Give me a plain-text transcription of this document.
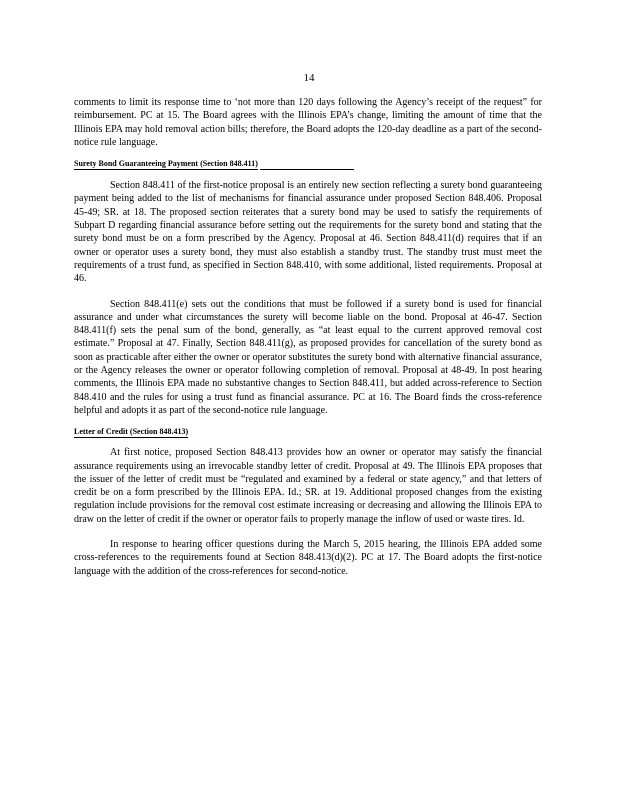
14

comments to limit its response time to ‘not more than 120 days following the Agency’s receipt of the request” for reimbursement. PC at 15. The Board agrees with the Illinois EPA’s change, limiting the amount of time that the Illinois EPA may hold removal action bills; therefore, the Board adopts the 120-day deadline as a part of the second-notice rule language.

Surety Bond Guaranteeing Payment (Section 848.411)

Section 848.411 of the first-notice proposal is an entirely new section reflecting a surety bond guaranteeing payment being added to the list of mechanisms for financial assurance under proposed Section 848.406. Proposal 45-49; SR. at 18. The proposed section reiterates that a surety bond may be used to satisfy the requirements of Subpart D regarding financial assurance before setting out the requirements for the surety bond and stating that the surety bond must be on a form prescribed by the Agency. Proposal at 46. Section 848.411(d) requires that if an owner or operator uses a surety bond, they must also establish a standby trust. The standby trust must meet the requirements of a trust fund, as specified in Section 848.410, with some additional, listed requirements. Proposal at 46.

Section 848.411(e) sets out the conditions that must be followed if a surety bond is used for financial assurance and under what circumstances the surety will become liable on the bond. Proposal at 46-47. Section 848.411(f) sets the penal sum of the bond, generally, as “at least equal to the current approved removal cost estimate.” Proposal at 47. Finally, Section 848.411(g), as proposed provides for cancellation of the surety bond as soon as practicable after either the owner or operator substitutes the surety bond with alternative financial assurance, or the Agency releases the owner or operator following completion of removal. Proposal at 48-49. In post hearing comments, the Illinois EPA made no substantive changes to Section 848.411, but added across-reference to Section 848.410 and the rules for using a trust fund as financial assurance. PC at 16. The Board finds the cross-reference helpful and adopts it as part of the second-notice rule language.

Letter of Credit (Section 848.413)

At first notice, proposed Section 848.413 provides how an owner or operator may satisfy the financial assurance requirements using an irrevocable standby letter of credit. Proposal at 49. The Illinois EPA proposes that the issuer of the letter of credit must be “regulated and examined by a federal or state agency,” and that letters of credit be on a form prescribed by the Illinois EPA. Id.; SR. at 19. Additional proposed changes from the existing regulation include provisions for the removal cost estimate increasing or decreasing and allowing the Illinois EPA to draw on the letter of credit if the owner or operator fails to properly manage the inflow of used or waste tires. Id.

In response to hearing officer questions during the March 5, 2015 hearing, the Illinois EPA added some cross-references to the requirements found at Section 848.413(d)(2). PC at 17. The Board adopts the first-notice language with the addition of the cross-references for second-notice.
